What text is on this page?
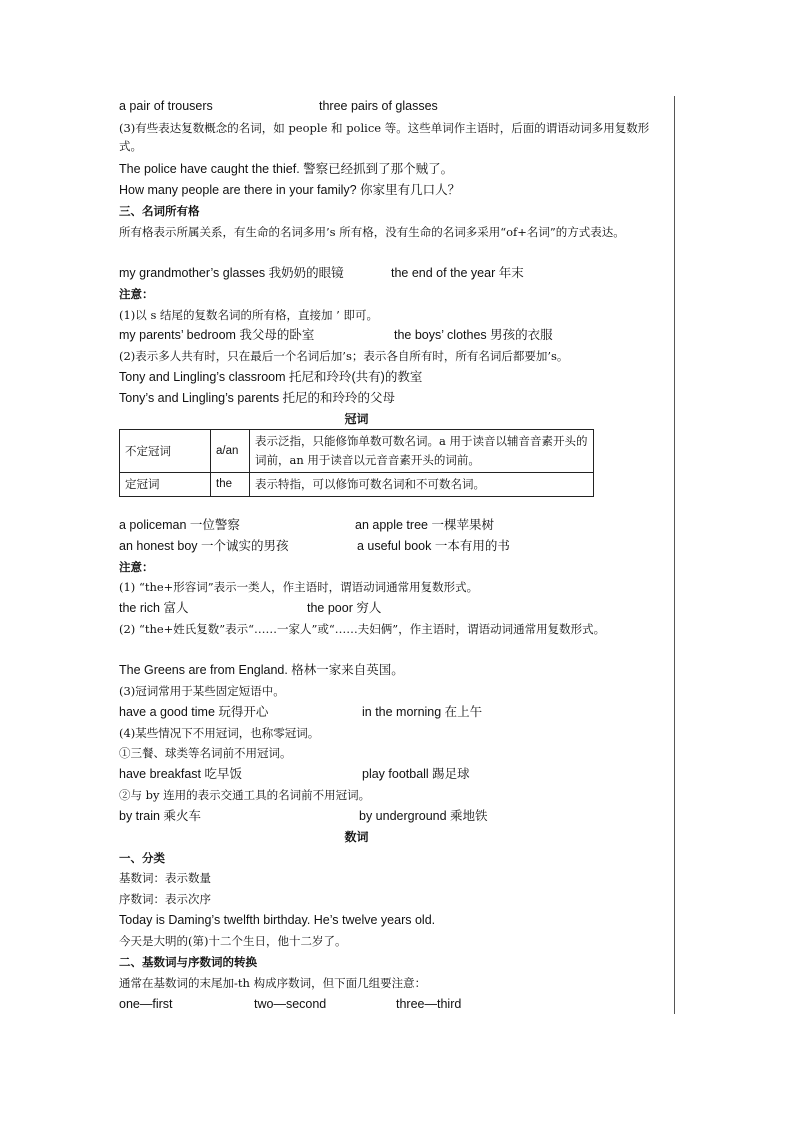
a pair of trousers	three pairs of glasses
(3)有些表达复数概念的名词，如 people 和 police 等。这些单词作主语时，后面的谓语动词多用复数形式。
The police have caught the thief. 警察已经抓到了那个贼了。
How many people are there in your family? 你家里有几口人？
三、名词所有格
所有格表示所属关系，有生命的名词多用’s 所有格，没有生命的名词多采用“of+名词”的方式表达。
my grandmother’s glasses 我奶奶的眼镜	the end of the year 年末
注意：
(1)以 s 结尾的复数名词的所有格，直接加 ’ 即可。
my parents’ bedroom 我父母的卧室	the boys’ clothes 男孩的衣服
(2)表示多人共有时，只在最后一个名词后加’s；表示各自所有时，所有名词后都要加’s。
Tony and Lingling’s classroom 托尼和玲玲(共有)的教室
Tony’s and Lingling’s parents 托尼的和玲玲的父母
冠词
不定冠词	a/an	表示泛指，只能修饰单数可数名词。a 用于读音以辅音音素开头的词前，an 用于读音以元音音素开头的词前。
定冠词	the	表示特指，可以修饰可数名词和不可数名词。
a policeman 一位警察	an apple tree 一棵苹果树
an honest boy 一个诚实的男孩	a useful book 一本有用的书
注意：
(1) “the+形容词”表示一类人，作主语时，谓语动词通常用复数形式。
the rich 富人	the poor 穷人
(2) “the+姓氏复数”表示“……一家人”或“……夫妇俩”，作主语时，谓语动词通常用复数形式。
The Greens are from England. 格林一家来自英国。
(3)冠词常用于某些固定短语中。
have a good time 玩得开心	in the morning 在上午
(4)某些情况下不用冠词，也称零冠词。
①三餐、球类等名词前不用冠词。
have breakfast 吃早饭	play football 踢足球
②与 by 连用的表示交通工具的名词前不用冠词。
by train 乘火车	by underground 乘地铁
数词
一、分类
基数词：表示数量
序数词：表示次序
Today is Daming’s twelfth birthday. He’s twelve years old.
今天是大明的(第)十二个生日，他十二岁了。
二、基数词与序数词的转换
通常在基数词的末尾加-th 构成序数词，但下面几组要注意：
one—first	two—second	three—third
